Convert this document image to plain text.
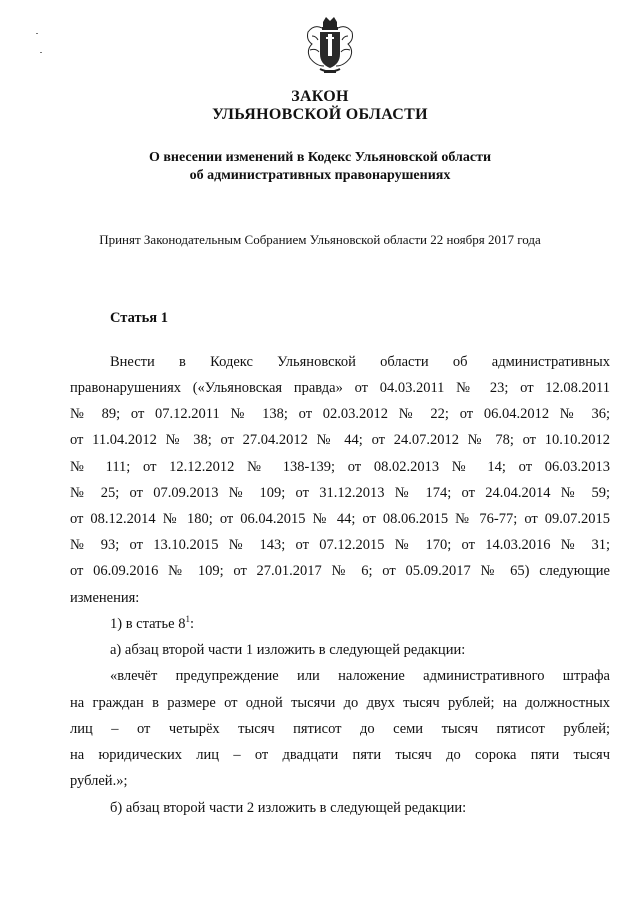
ЗАКОН
УЛЬЯНОВСКОЙ ОБЛАСТИ
О внесении изменений в Кодекс Ульяновской области
об административных правонарушениях
Принят Законодательным Собранием Ульяновской области 22 ноября 2017 года
Статья 1
Внести в Кодекс Ульяновской области об административных
правонарушениях («Ульяновская правда» от 04.03.2011 № 23; от 12.08.2011
№ 89; от 07.12.2011 № 138; от 02.03.2012 № 22; от 06.04.2012 № 36;
от 11.04.2012 № 38; от 27.04.2012 № 44; от 24.07.2012 № 78; от 10.10.2012
№ 111; от 12.12.2012 № 138-139; от 08.02.2013 № 14; от 06.03.2013
№ 25; от 07.09.2013 № 109; от 31.12.2013 № 174; от 24.04.2014 № 59;
от 08.12.2014 № 180; от 06.04.2015 № 44; от 08.06.2015 № 76-77; от 09.07.2015
№ 93; от 13.10.2015 № 143; от 07.12.2015 № 170; от 14.03.2016 № 31;
от 06.09.2016 № 109; от 27.01.2017 № 6; от 05.09.2017 № 65) следующие
изменения:
1) в статье $8^1$:
а) абзац второй части 1 изложить в следующей редакции:
«влечёт предупреждение или наложение административного штрафа
на граждан в размере от одной тысячи до двух тысяч рублей; на должностных
лиц – от четырёх тысяч пятисот до семи тысяч пятисот рублей;
на юридических лиц – от двадцати пяти тысяч до сорока пяти тысяч
рублей.»;
б) абзац второй части 2 изложить в следующей редакции:
